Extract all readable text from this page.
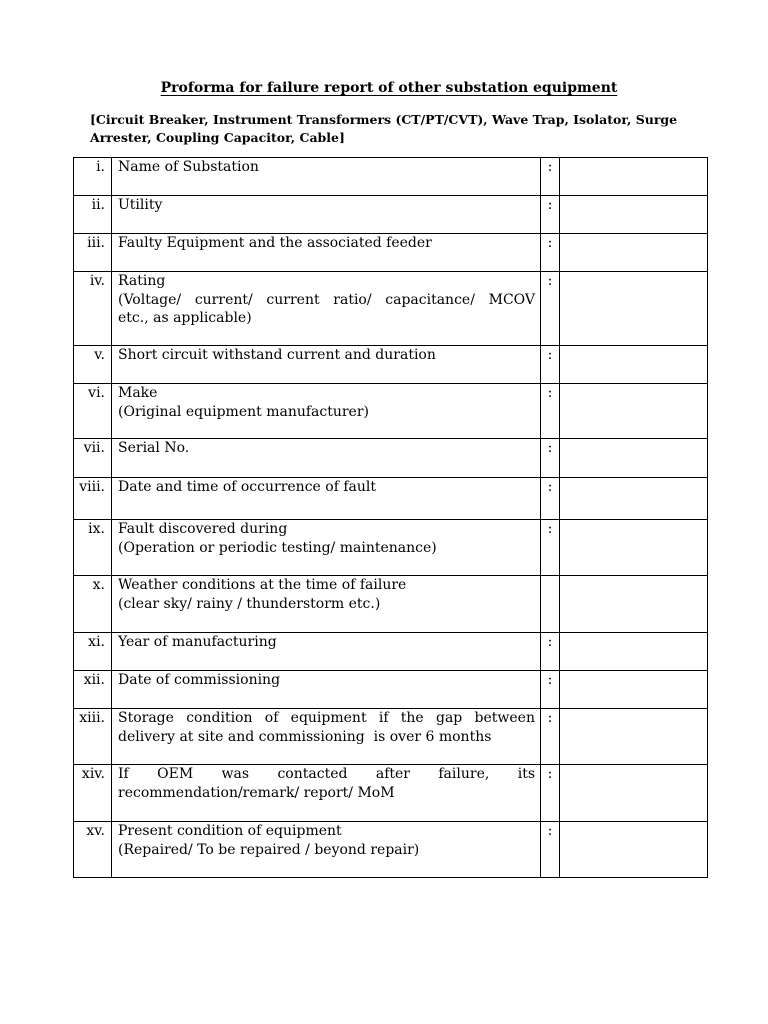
Proforma for failure report of other substation equipment
[Circuit Breaker, Instrument Transformers (CT/PT/CVT), Wave Trap, Isolator, Surge
Arrester, Coupling Capacitor, Cable]
i.	Name of Substation	:	
ii.	Utility	:	
iii.	Faulty Equipment and the associated feeder	:	
iv.	Rating
(Voltage/ current/ current ratio/ capacitance/ MCOV
etc., as applicable)	:	
v.	Short circuit withstand current and duration	:	
vi.	Make
(Original equipment manufacturer)	:	
vii.	Serial No.	:	
viii.	Date and time of occurrence of fault	:	
ix.	Fault discovered during
(Operation or periodic testing/ maintenance)	:	
x.	Weather conditions at the time of failure
(clear sky/ rainy / thunderstorm etc.)		

xi.	Year of manufacturing	:	
xii.	Date of commissioning	:	
xiii.	Storage condition of equipment if the gap between
delivery at site and commissioning  is over 6 months	:	
xiv.	If OEM was contacted after failure, its
recommendation/remark/ report/ MoM	:	
xv.	Present condition of equipment
(Repaired/ To be repaired / beyond repair)	:	
